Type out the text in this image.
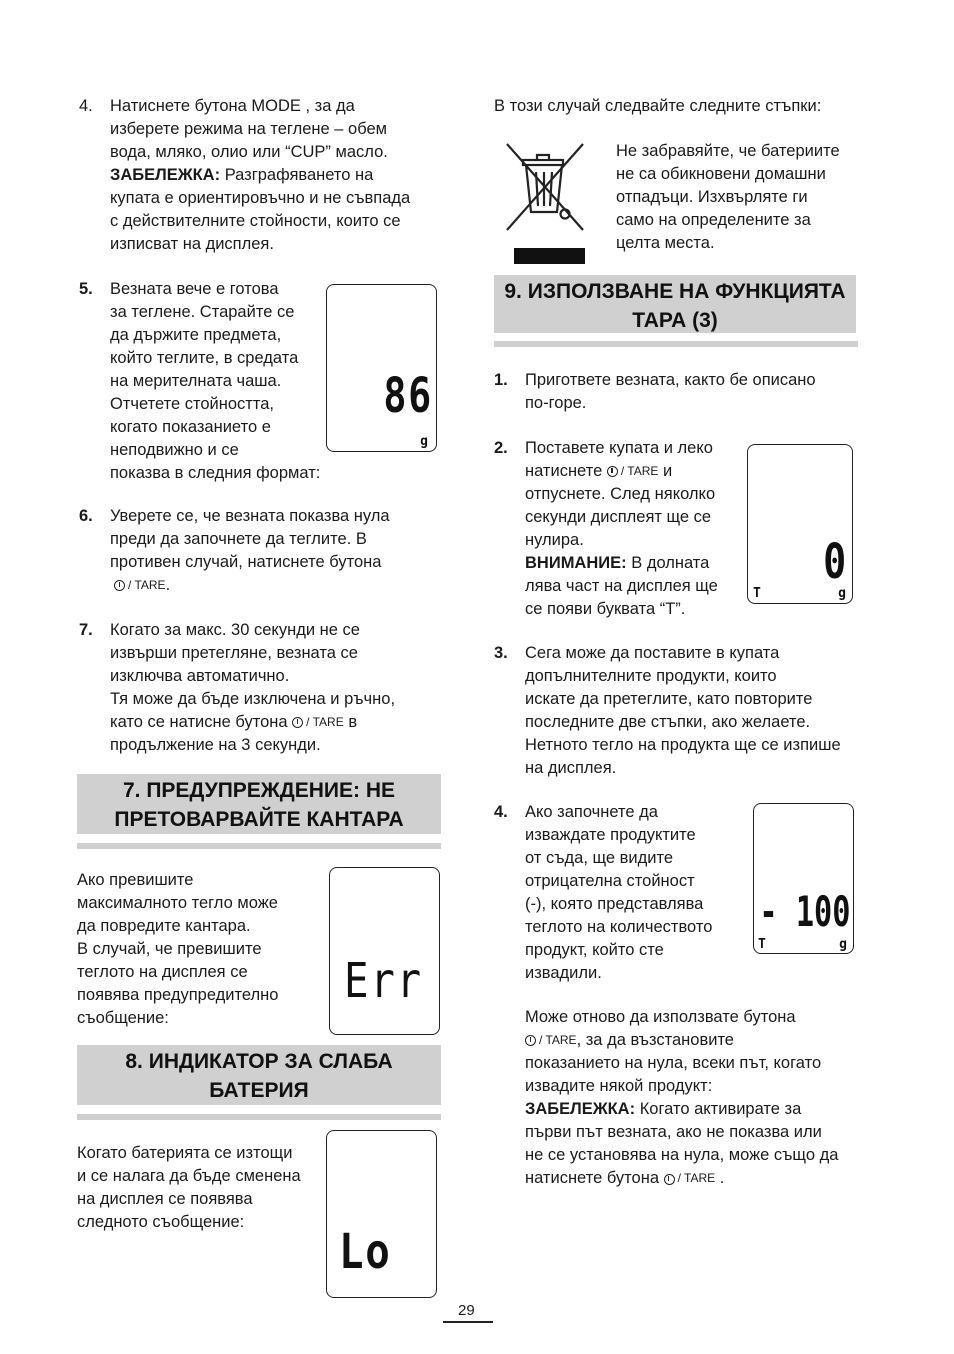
4. Натиснете бутона MODE , за да
изберете режима на теглене – обем
вода, мляко, олио или “CUP” масло.
ЗАБЕЛЕЖКА: Разграфяването на
купата е ориентировъчно и не съвпада
с действителните стойности, които се
изписват на дисплея.
5. Везната вече е готова
за теглене. Старайте се
да държите предмета,
който теглите, в средата
на мерителната чаша.
Отчетете стойността,
когато показанието е
неподвижно и се
показва в следния формат:
86
g
6. Уверете се, че везната показва нула
преди да започнете да теглите. В
противен случай, натиснете бутона
/ TARE.
7. Когато за макс. 30 секунди не се
извърши претегляне, везната се
изключва автоматично.
Тя може да бъде изключена и ръчно,
като се натисне бутона / TARE в
продължение на 3 секунди.
7. ПРЕДУПРЕЖДЕНИЕ: НЕ
ПРЕТОВАРВАЙТЕ КАНТАРА
Ако превишите
максималното тегло може
да повредите кантара.
В случай, че превишите
теглото на дисплея се
появява предупредително
съобщение:
Err
8. ИНДИКАТОР ЗА СЛАБА
БАТЕРИЯ
Когато батерията се изтощи
и се налага да бъде сменена
на дисплея се появява
следното съобщение:
Lo
В този случай следвайте следните стъпки:
Не забравяйте, че батериите
не са обикновени домашни
отпадъци. Изхвърляте ги
само на определените за
целта места.
9. ИЗПОЛЗВАНЕ НА ФУНКЦИЯТА
ТАРА (3)
1. Пригответе везната, както бе описано
по-горе.
2. Поставете купата и леко
натиснете / TARE и
отпуснете. След няколко
секунди дисплеят ще се
нулира.
ВНИМАНИЕ: В долната
лява част на дисплея ще
се появи буквата “T”.
0
T	g
3. Сега може да поставите в купата
допълнителните продукти, които
искате да претеглите, като повторите
последните две стъпки, ако желаете.
Нетното тегло на продукта ще се изпише
на дисплея.
4. Ако започнете да
изваждате продуктите
от съда, ще видите
отрицателна стойност
(-), която представлява
теглото на количеството
продукт, който сте
извадили.
- 100
T	g
Може отново да използвате бутона
/ TARE, за да възстановите
показанието на нула, всеки път, когато
извадите някой продукт:
ЗАБЕЛЕЖКА: Когато активирате за
първи път везната, ако не показва или
не се установява на нула, може също да
натиснете бутона / TARE .
29
